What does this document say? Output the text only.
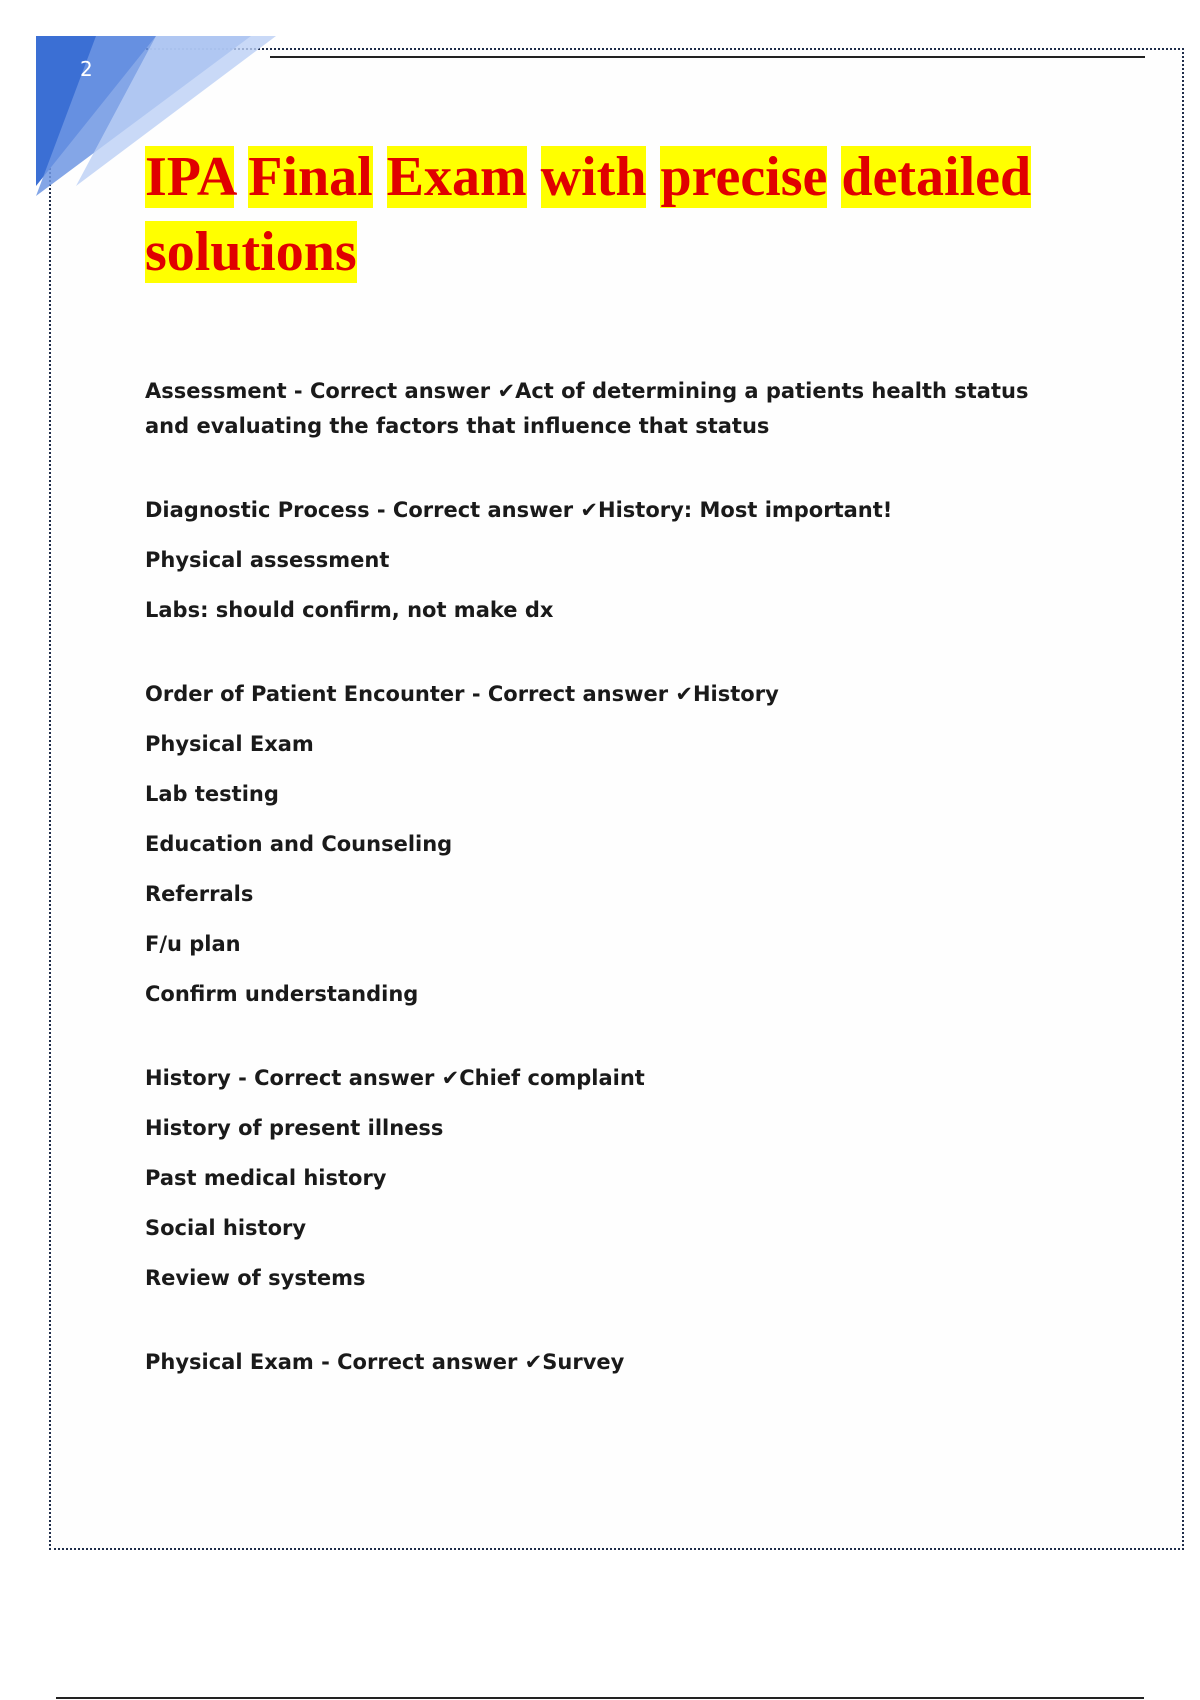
2
IPA Final Exam with precise detailed
solutions
Assessment - Correct answer ✔Act of determining a patients health status and evaluating the factors that influence that status
Diagnostic Process - Correct answer ✔History: Most important!
Physical assessment
Labs: should confirm, not make dx
Order of Patient Encounter - Correct answer ✔History
Physical Exam
Lab testing
Education and Counseling
Referrals
F/u plan
Confirm understanding
History - Correct answer ✔Chief complaint
History of present illness
Past medical history
Social history
Review of systems
Physical Exam - Correct answer ✔Survey
